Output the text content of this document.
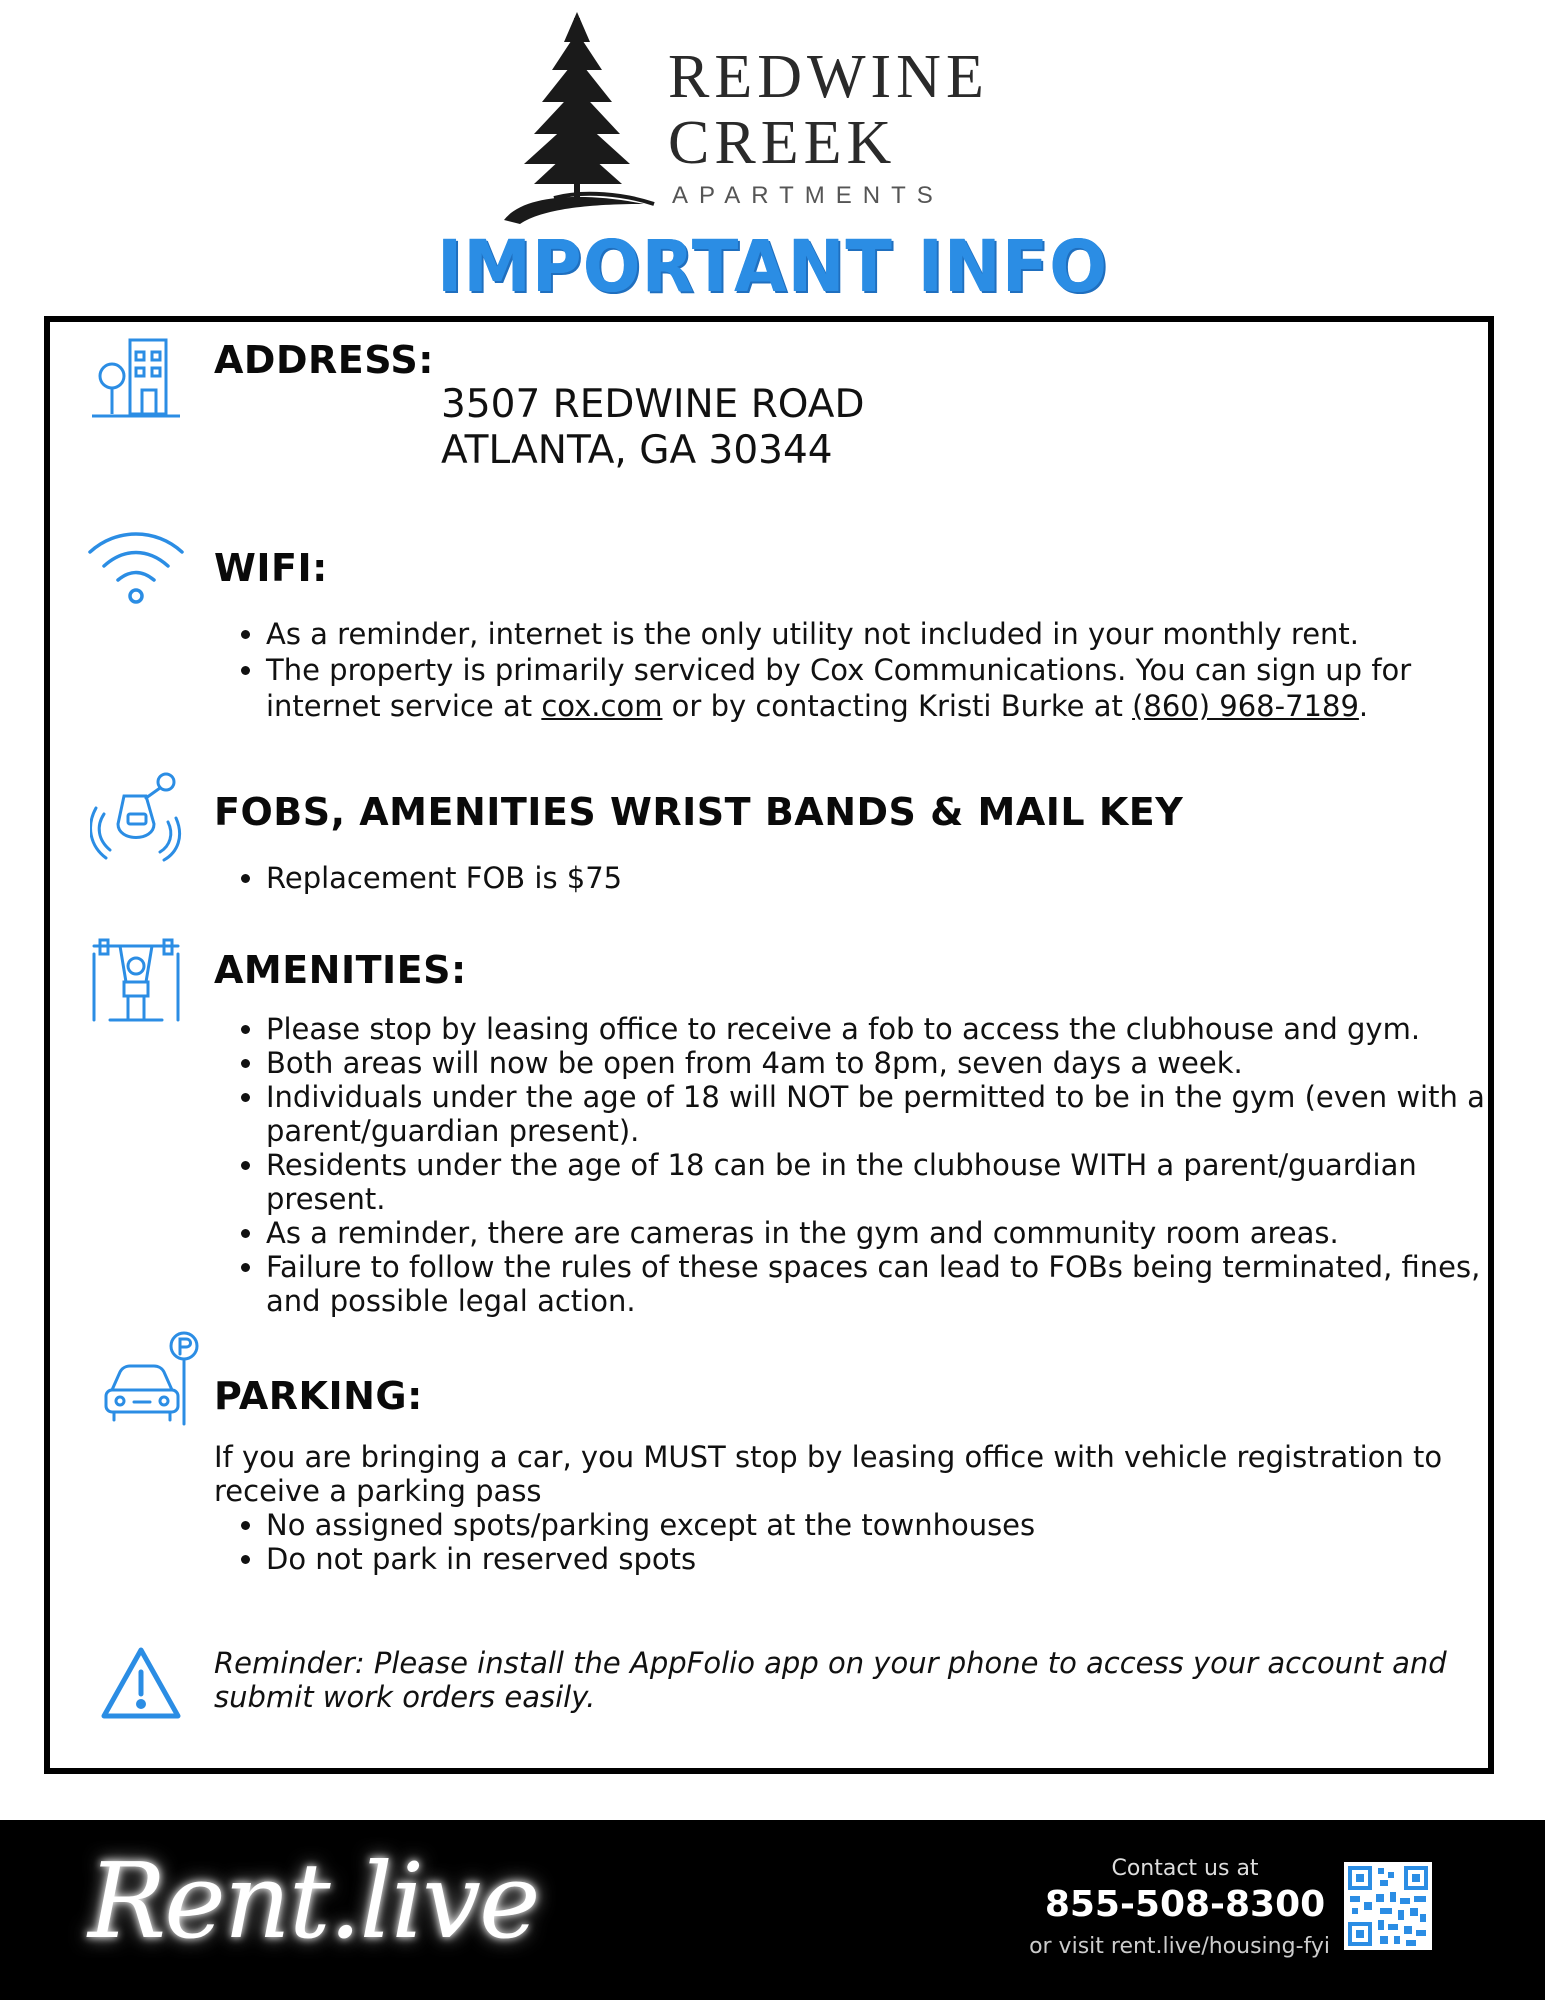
REDWINE
CREEK
APARTMENTS
IMPORTANT INFO
ADDRESS:
3507 REDWINE ROAD
ATLANTA, GA 30344
WIFI:
• As a reminder, internet is the only utility not included in your monthly rent.
• The property is primarily serviced by Cox Communications. You can sign up for internet service at cox.com or by contacting Kristi Burke at (860) 968-7189.
FOBS, AMENITIES WRIST BANDS & MAIL KEY
• Replacement FOB is $75
AMENITIES:
• Please stop by leasing office to receive a fob to access the clubhouse and gym.
• Both areas will now be open from 4am to 8pm, seven days a week.
• Individuals under the age of 18 will NOT be permitted to be in the gym (even with a parent/guardian present).
• Residents under the age of 18 can be in the clubhouse WITH a parent/guardian present.
• As a reminder, there are cameras in the gym and community room areas.
• Failure to follow the rules of these spaces can lead to FOBs being terminated, fines, and possible legal action.
PARKING:
If you are bringing a car, you MUST stop by leasing office with vehicle registration to receive a parking pass
• No assigned spots/parking except at the townhouses
• Do not park in reserved spots
Reminder: Please install the AppFolio app on your phone to access your account and submit work orders easily.
Rent.live	Contact us at
855-508-8300
or visit rent.live/housing-fyi
